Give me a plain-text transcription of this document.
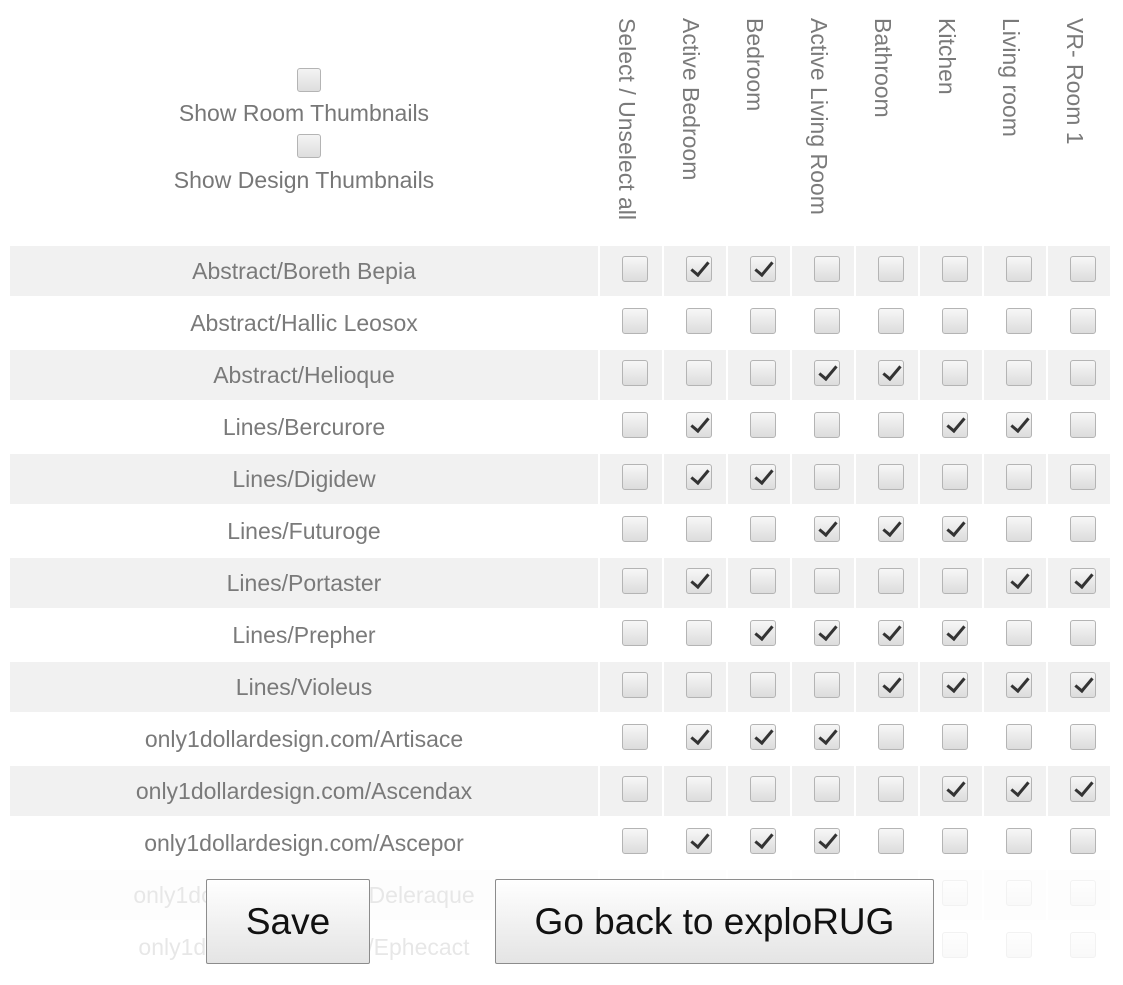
Show Room Thumbnails
Show Design Thumbnails	Select / Unselect all Active Bedroom Bedroom Active Living Room Bathroom Kitchen Living room VR- Room 1
Abstract/Boreth Bepia
Abstract/Hallic Leosox
Abstract/Helioque
Lines/Bercurore
Lines/Digidew
Lines/Futuroge
Lines/Portaster
Lines/Prepher
Lines/Violeus
only1dollardesign.com/Artisace
only1dollardesign.com/Ascendax
only1dollardesign.com/Ascepor
Save	Go back to exploRUG
